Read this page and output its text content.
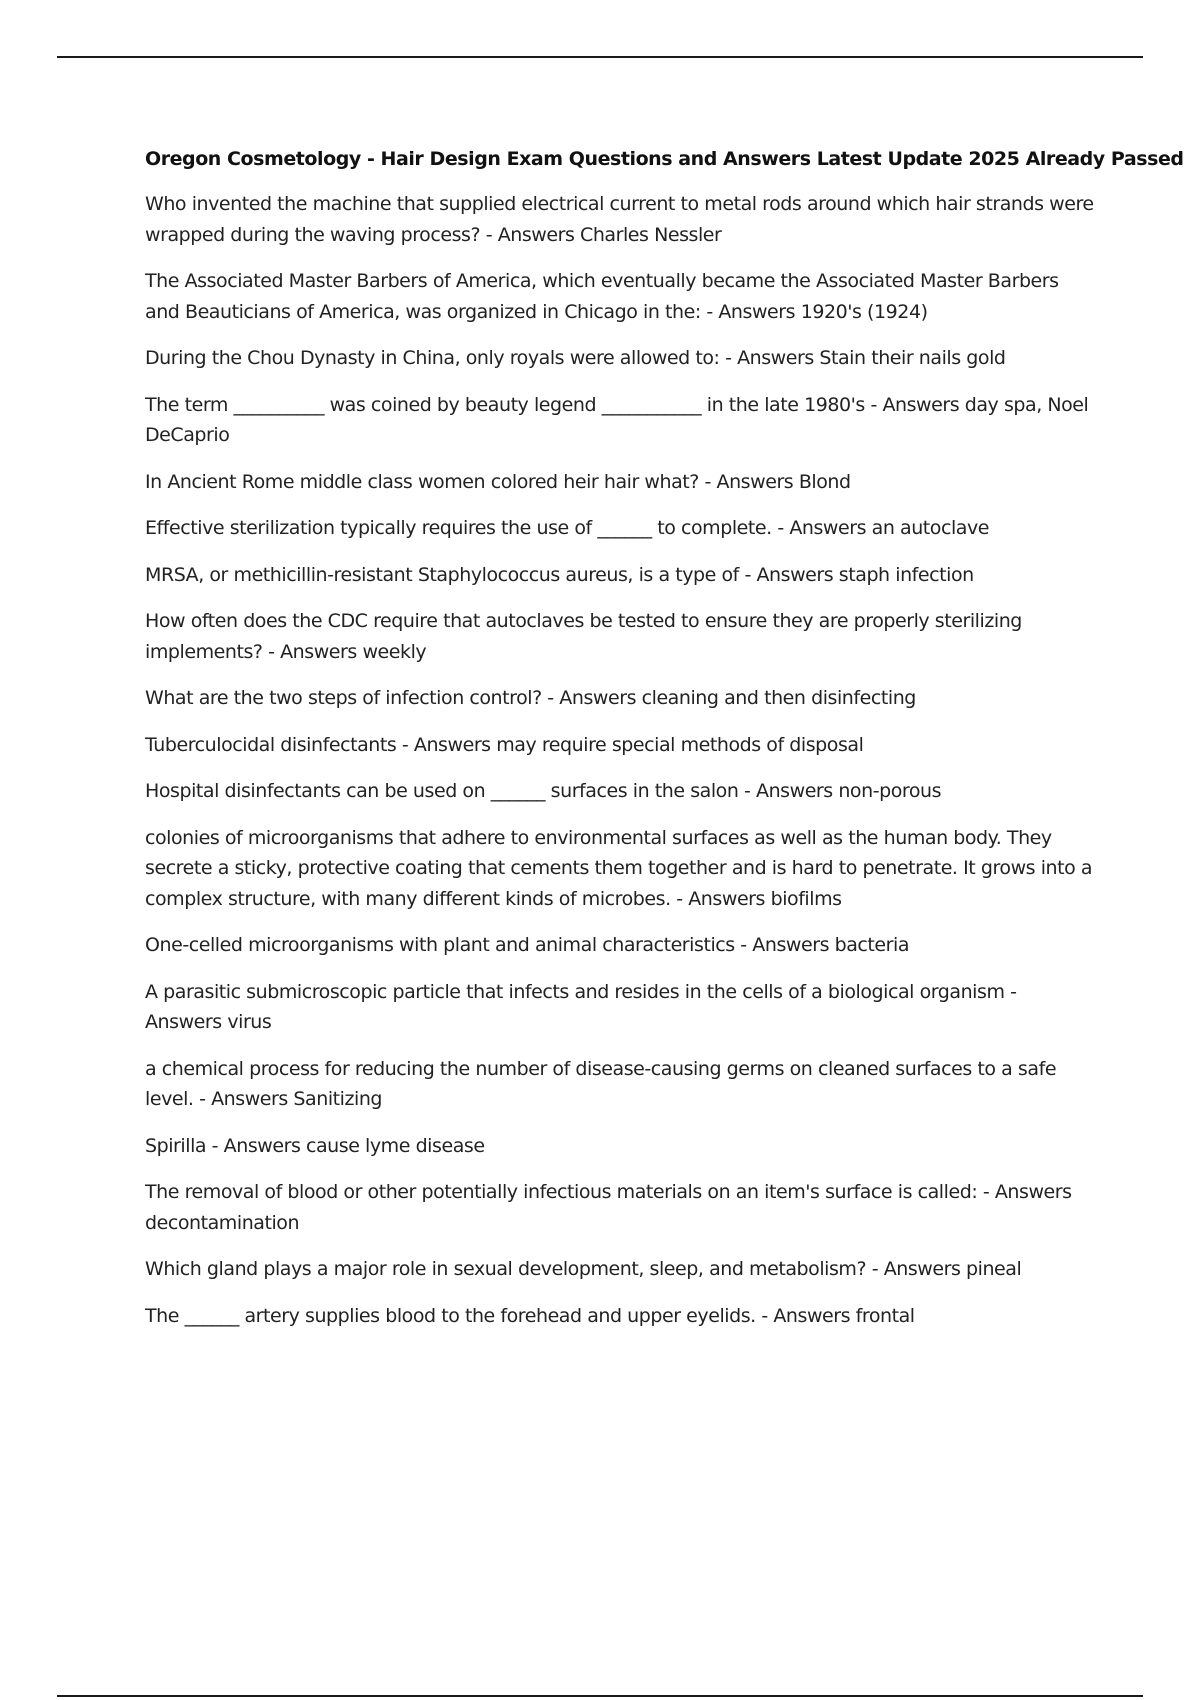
Oregon Cosmetology - Hair Design Exam Questions and Answers Latest Update 2025 Already Passed

Who invented the machine that supplied electrical current to metal rods around which hair strands were wrapped during the waving process? - Answers Charles Nessler

The Associated Master Barbers of America, which eventually became the Associated Master Barbers and Beauticians of America, was organized in Chicago in the: - Answers 1920's (1924)

During the Chou Dynasty in China, only royals were allowed to: - Answers Stain their nails gold

The term __________ was coined by beauty legend ___________ in the late 1980's - Answers day spa, Noel DeCaprio

In Ancient Rome middle class women colored heir hair what? - Answers Blond

Effective sterilization typically requires the use of ______ to complete. - Answers an autoclave

MRSA, or methicillin-resistant Staphylococcus aureus, is a type of - Answers staph infection

How often does the CDC require that autoclaves be tested to ensure they are properly sterilizing implements? - Answers weekly

What are the two steps of infection control? - Answers cleaning and then disinfecting

Tuberculocidal disinfectants - Answers may require special methods of disposal

Hospital disinfectants can be used on ______ surfaces in the salon - Answers non-porous

colonies of microorganisms that adhere to environmental surfaces as well as the human body. They secrete a sticky, protective coating that cements them together and is hard to penetrate. It grows into a complex structure, with many different kinds of microbes. - Answers biofilms

One-celled microorganisms with plant and animal characteristics - Answers bacteria

A parasitic submicroscopic particle that infects and resides in the cells of a biological organism - Answers virus

a chemical process for reducing the number of disease-causing germs on cleaned surfaces to a safe level. - Answers Sanitizing

Spirilla - Answers cause lyme disease

The removal of blood or other potentially infectious materials on an item's surface is called: - Answers decontamination

Which gland plays a major role in sexual development, sleep, and metabolism? - Answers pineal

The ______ artery supplies blood to the forehead and upper eyelids. - Answers frontal
